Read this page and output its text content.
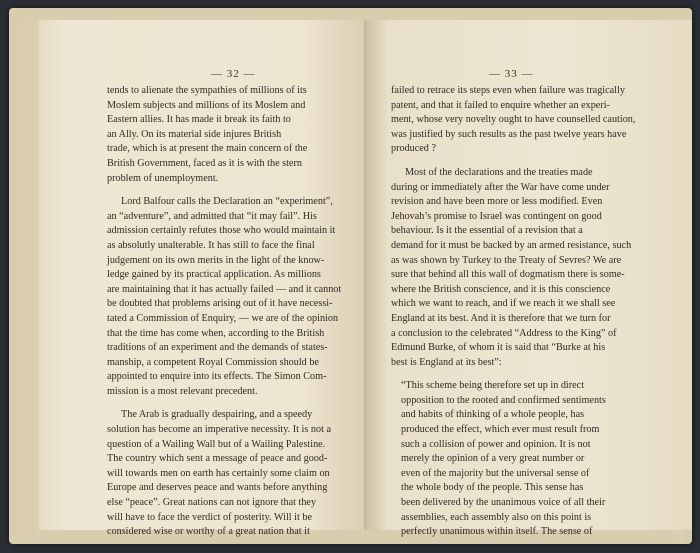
— 32 —
tends to alienate the sympathies of millions of its
Moslem subjects and millions of its Moslem and
Eastern allies. It has made it break its faith to
an Ally. On its material side injures British
trade, which is at present the main concern of the
British Government, faced as it is with the stern
problem of unemployment.
Lord Balfour calls the Declaration an “experiment”,
an “adventure”, and admitted that “it may fail”. His
admission certainly refutes those who would maintain it
as absolutly unalterable. It has still to face the final
judgement on its own merits in the light of the know-
ledge gained by its practical application. As millions
are maintaining that it has actually failed — and it cannot
be doubted that problems arising out of it have necessi-
tated a Commission of Enquiry, — we are of the opinion
that the time has come when, according to the British
traditions of an experiment and the demands of states-
manship, a competent Royal Commission should be
appointed to enquire into its effects. The Simon Com-
mission is a most relevant precedent.
The Arab is gradually despairing, and a speedy
solution has become an imperative necessity. It is not a
question of a Wailing Wall but of a Wailing Palestine.
The country which sent a message of peace and good-
will towards men on earth has certainly some claim on
Europe and deserves peace and wants before anything
else “peace”. Great nations can not ignore that they
will have to face the verdict of posterity. Will it be
considered wise or worthy of a great nation that it
— 33 —
failed to retrace its steps even when failure was tragically
patent, and that it failed to enquire whether an experi-
ment, whose very novelty ought to have counselled caution,
was justified by such results as the past twelve years have
produced ?
Most of the declarations and the treaties made
during or immediately after the War have come under
revision and have been more or less modified. Even
Jehovah’s promise to Israel was contingent on good
behaviour. Is it the essential of a revision that a
demand for it must be backed by an armed resistance, such
as was shown by Turkey to the Treaty of Sevres? We are
sure that behind all this wall of dogmatism there is some-
where the British conscience, and it is this conscience
which we want to reach, and if we reach it we shall see
England at its best. And it is therefore that we turn for
a conclusion to the celebrated “Address to the King” of
Edmund Burke, of whom it is said that “Burke at his
best is England at its best”:
“This scheme being therefore set up in direct
opposition to the rooted and confirmed sentiments
and habits of thinking of a whole people, has
produced the effect, which ever must result from
such a collision of power and opinion. It is not
merely the opinion of a very great number or
even of the majority but the universal sense of
the whole body of the people. This sense has
been delivered by the unanimous voice of all their
assemblies, each assembly also on this point is
perfectly unanimous within itself. The sense of
